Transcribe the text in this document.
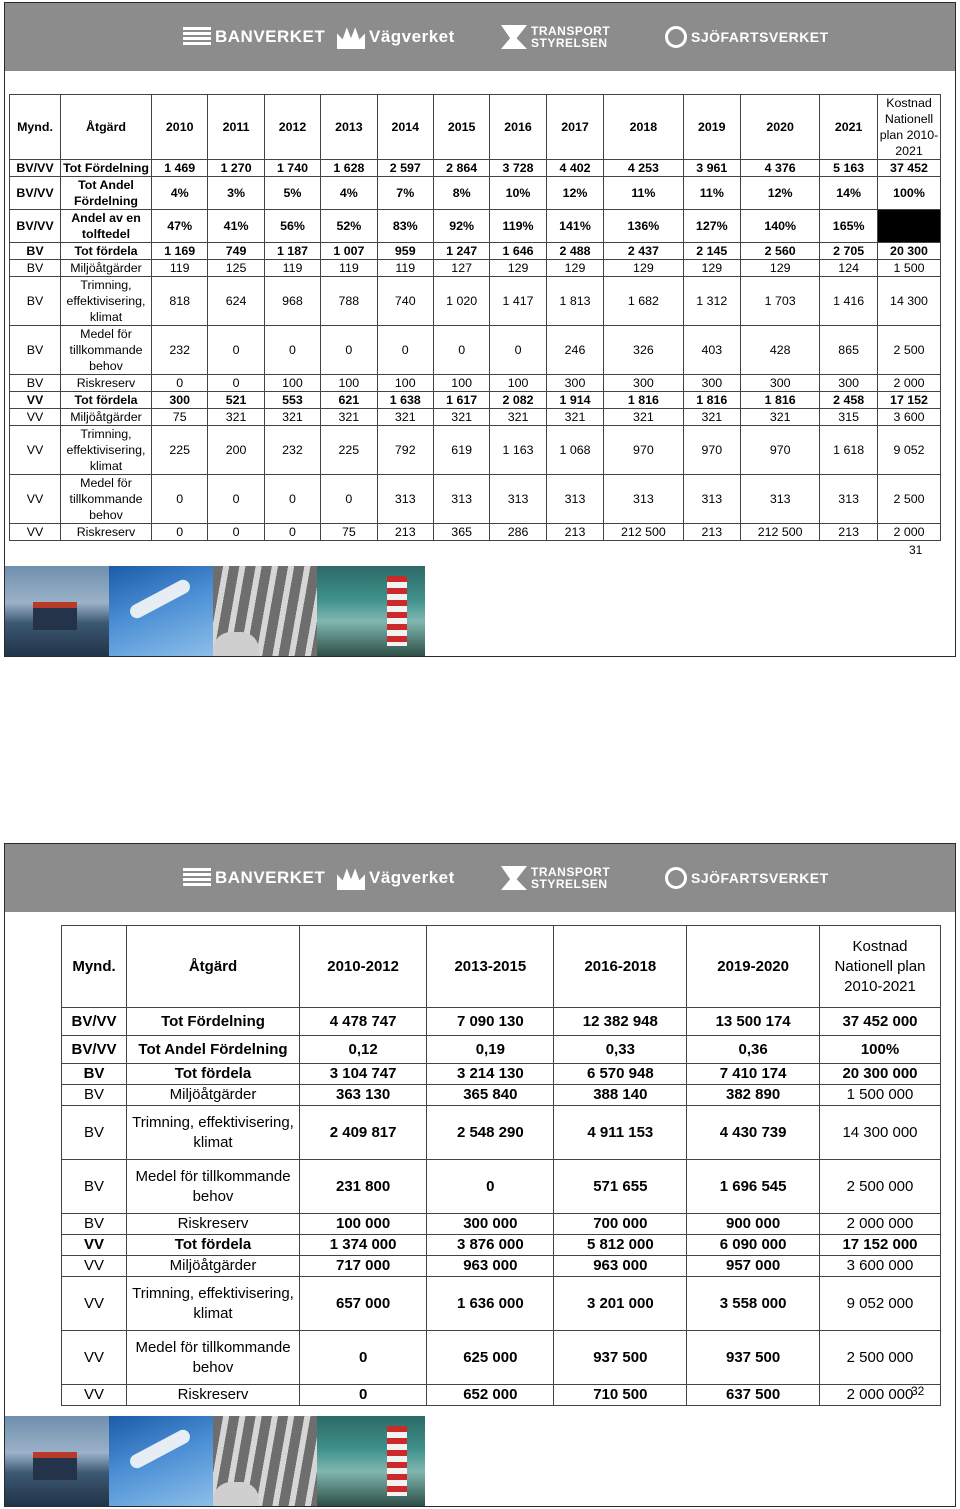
BANVERKET	Vägverket	TRANSPORT
STYRELSEN	SJÖFARTSVERKET
Mynd.	Åtgärd	2010	2011	2012	2013	2014	2015	2016	2017	2018	2019	2020	2021	Kostnad Nationell plan 2010-2021
BV/VV	Tot Fördelning	1 469	1 270	1 740	1 628	2 597	2 864	3 728	4 402	4 253	3 961	4 376	5 163	37 452
BV/VV	Tot Andel Fördelning	4%	3%	5%	4%	7%	8%	10%	12%	11%	11%	12%	14%	100%
BV/VV	Andel av en tolftedel	47%	41%	56%	52%	83%	92%	119%	141%	136%	127%	140%	165%	
BV	Tot fördela	1 169	749	1 187	1 007	959	1 247	1 646	2 488	2 437	2 145	2 560	2 705	20 300
BV	Miljöåtgärder	119	125	119	119	119	127	129	129	129	129	129	124	1 500
BV	Trimning, effektivisering, klimat	818	624	968	788	740	1 020	1 417	1 813	1 682	1 312	1 703	1 416	14 300
BV	Medel för tillkommande behov	232	0	0	0	0	0	0	246	326	403	428	865	2 500
BV	Riskreserv	0	0	100	100	100	100	100	300	300	300	300	300	2 000
VV	Tot fördela	300	521	553	621	1 638	1 617	2 082	1 914	1 816	1 816	1 816	2 458	17 152
VV	Miljöåtgärder	75	321	321	321	321	321	321	321	321	321	321	315	3 600
VV	Trimning, effektivisering, klimat	225	200	232	225	792	619	1 163	1 068	970	970	970	1 618	9 052
VV	Medel för tillkommande behov	0	0	0	0	313	313	313	313	313	313	313	313	2 500
VV	Riskreserv	0	0	0	75	213	365	286	213	212 500	213	212 500	213	2 000
31
BANVERKET	Vägverket	TRANSPORT
STYRELSEN	SJÖFARTSVERKET
Mynd.	Åtgärd	2010-2012	2013-2015	2016-2018	2019-2020	Kostnad Nationell plan 2010-2021
BV/VV	Tot Fördelning	4 478 747	7 090 130	12 382 948	13 500 174	37 452 000
BV/VV	Tot Andel Fördelning	0,12	0,19	0,33	0,36	100%
BV	Tot fördela	3 104 747	3 214 130	6 570 948	7 410 174	20 300 000
BV	Miljöåtgärder	363 130	365 840	388 140	382 890	1 500 000
BV	Trimning, effektivisering, klimat	2 409 817	2 548 290	4 911 153	4 430 739	14 300 000
BV	Medel för tillkommande behov	231 800	0	571 655	1 696 545	2 500 000
BV	Riskreserv	100 000	300 000	700 000	900 000	2 000 000
VV	Tot fördela	1 374 000	3 876 000	5 812 000	6 090 000	17 152 000
VV	Miljöåtgärder	717 000	963 000	963 000	957 000	3 600 000
VV	Trimning, effektivisering, klimat	657 000	1 636 000	3 201 000	3 558 000	9 052 000
VV	Medel för tillkommande behov	0	625 000	937 500	937 500	2 500 000
VV	Riskreserv	0	652 000	710 500	637 500	2 000 000
32
